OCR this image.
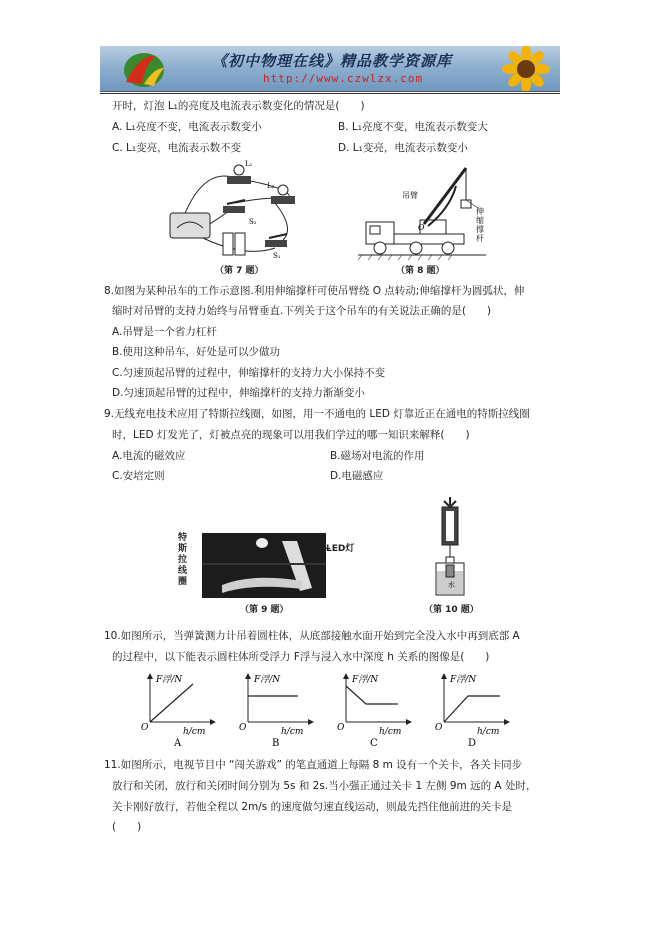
《初中物理在线》精品教学资源库
http://www.czwlzx.com
开时，灯泡 L₁的亮度及电流表示数变化的情况是(　　)
A. L₁亮度不变，电流表示数变小	B. L₁亮度不变，电流表示数变大
C. L₁变亮，电流表示数不变	D. L₁变亮，电流表示数变小
L₁
L₂
S₂
S₁
（第 7 题）
吊臂
O
伸
缩
撑
杆
（第 8 题）
8.如图为某种吊车的工作示意图.利用伸缩撑杆可使吊臂绕 O 点转动;伸缩撑杆为圆弧状，伸
缩时对吊臂的支持力始终与吊臂垂直.下列关于这个吊车的有关说法正确的是(　　)
A.吊臂是一个省力杠杆
B.使用这种吊车，好处是可以少做功
C.匀速顶起吊臂的过程中，伸缩撑杆的支持力大小保持不变
D.匀速顶起吊臂的过程中，伸缩撑杆的支持力渐渐变小
9.无线充电技术应用了特斯拉线圈，如图，用一不通电的 LED 灯靠近正在通电的特斯拉线圈
时，LED 灯发光了，灯被点亮的现象可以用我们学过的哪一知识来解释(　　)
A.电流的磁效应	B.磁场对电流的作用
C.安培定则	D.电磁感应
特
斯
拉
线
圈
LED灯
（第 9 题）
水
（第 10 题）
10.如图所示，当弹簧测力计吊着圆柱体，从底部接触水面开始到完全没入水中再到底部 A
的过程中，以下能表示圆柱体所受浮力 F浮与浸入水中深度 h 关系的图像是(　　)
F浮/N
h/cm
O
A
F浮/N
h/cm
O
B
F浮/N
h/cm
O
C
F浮/N
h/cm
O
D
11.如图所示，电视节目中 “闯关游戏” 的笔直通道上每隔 8 m 设有一个关卡，各关卡同步
放行和关闭，放行和关闭时间分别为 5s 和 2s.当小强正通过关卡 1 左侧 9m 远的 A 处时，
关卡刚好放行，若他全程以 2m/s 的速度做匀速直线运动，则最先挡住他前进的关卡是
(　　)
